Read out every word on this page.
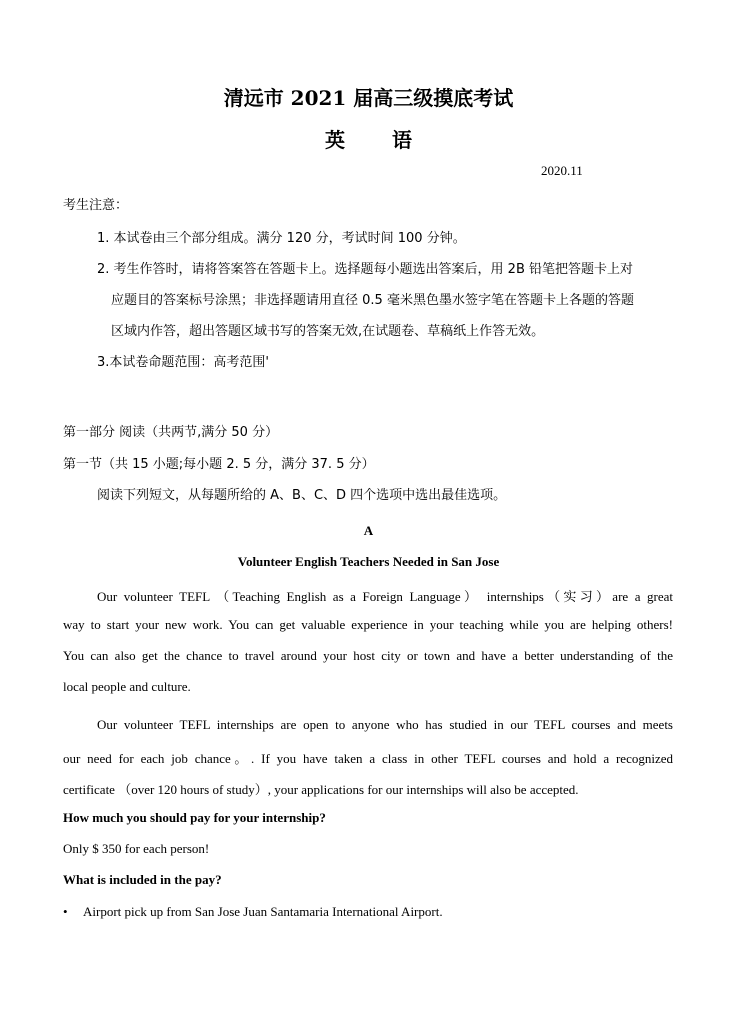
清远市 2021 届高三级摸底考试
英 语
2020.11
考生注意：
1. 本试卷由三个部分组成。满分 120 分，考试时间 100 分钟。
2. 考生作答时，请将答案答在答题卡上。选择题每小题选出答案后，用 2B 铅笔把答题卡上对
应题目的答案标号涂黑；非选择题请用直径 0.5 毫米黑色墨水签字笔在答题卡上各题的答题
区域内作答，超出答题区域书写的答案无效,在试题卷、草稿纸上作答无效。
3.本试卷命题范围：高考范围'
第一部分 阅读（共两节,满分 50 分）
第一节（共 15 小题;每小题 2. 5 分，满分 37. 5 分）
阅读下列短文，从每题所给的 A、B、C、D 四个选项中选出最佳选项。
A
Volunteer English Teachers Needed in San Jose
Our volunteer TEFL （Teaching English as a Foreign Language） internships（实习）are a great
way to start your new work. You can get valuable experience in your teaching while you are helping others!
You can also get the chance to travel around your host city or town and have a better understanding of the
local people and culture.
Our volunteer TEFL internships are open to anyone who has studied in our TEFL courses and meets
our need for each job chance。. If you have taken a class in other TEFL courses and hold a recognized
certificate （over 120 hours of study）, your applications for our internships will also be accepted.
How much you should pay for your internship?
Only $ 350 for each person!
What is included in the pay?
• Airport pick up from San Jose Juan Santamaria International Airport.
